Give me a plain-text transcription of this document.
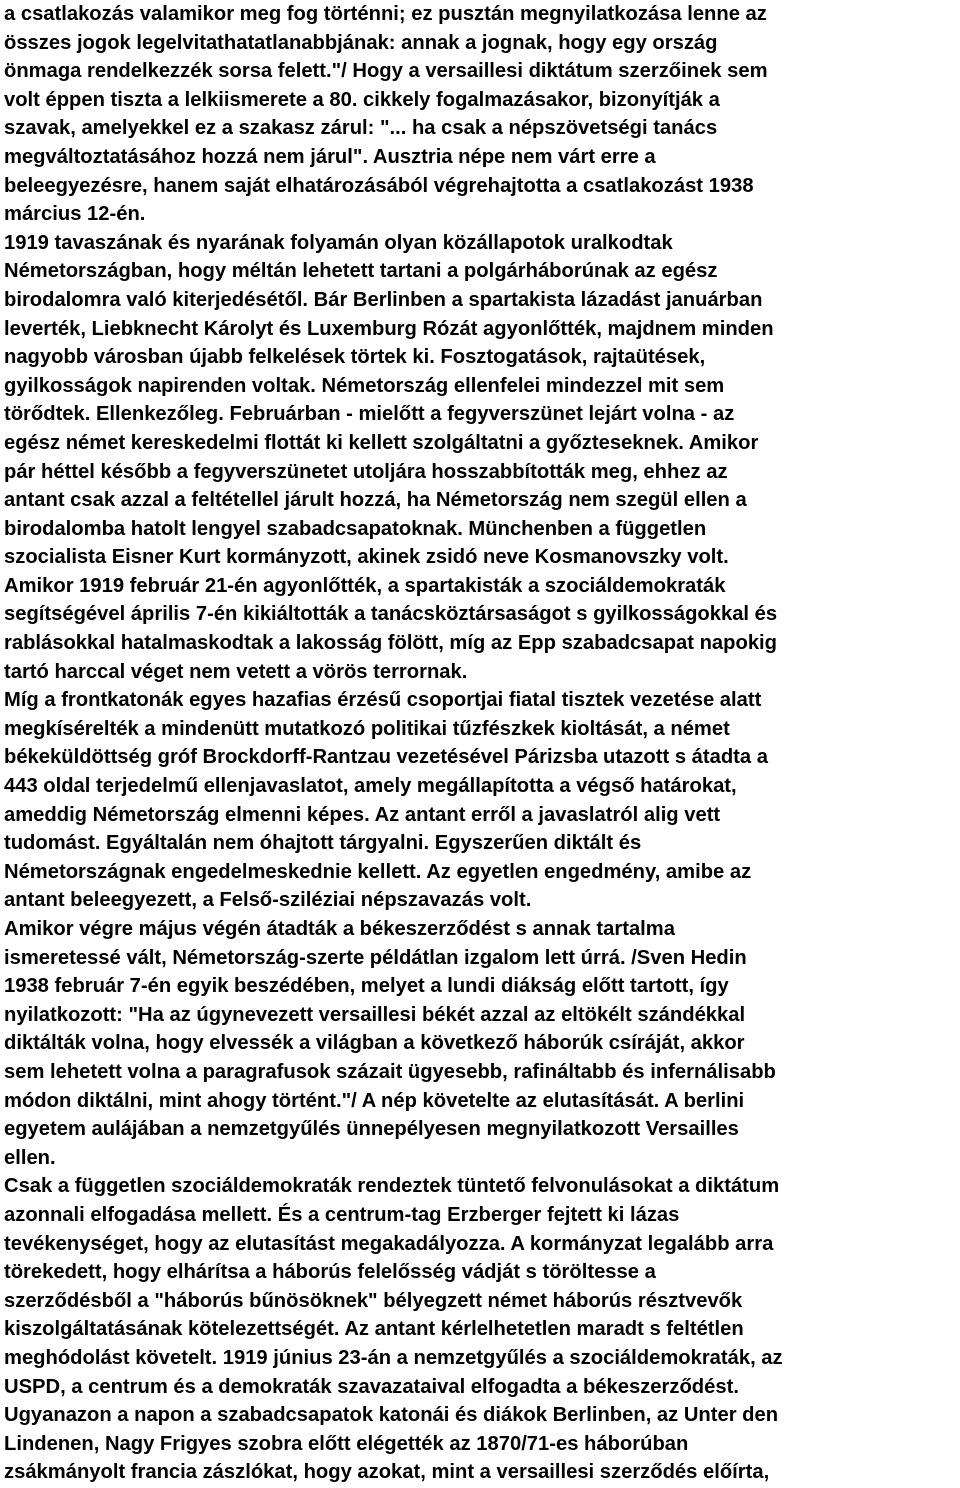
a csatlakozás valamikor meg fog történni; ez pusztán megnyilatkozása lenne az
összes jogok legelvitathatatlanabbjának: annak a jognak, hogy egy ország
önmaga rendelkezzék sorsa felett."/ Hogy a versaillesi diktátum szerzőinek sem
volt éppen tiszta a lelkiismerete a 80. cikkely fogalmazásakor, bizonyítják a
szavak, amelyekkel ez a szakasz zárul: "... ha csak a népszövetségi tanács
megváltoztatásához hozzá nem járul". Ausztria népe nem várt erre a
beleegyezésre, hanem saját elhatározásából végrehajtotta a csatlakozást 1938
március 12-én.
1919 tavaszának és nyarának folyamán olyan közállapotok uralkodtak
Németországban, hogy méltán lehetett tartani a polgárháborúnak az egész
birodalomra való kiterjedésétől. Bár Berlinben a spartakista lázadást januárban
leverték, Liebknecht Károlyt és Luxemburg Rózát agyonlőtték, majdnem minden
nagyobb városban újabb felkelések törtek ki. Fosztogatások, rajtaütések,
gyilkosságok napirenden voltak. Németország ellenfelei mindezzel mit sem
törődtek. Ellenkezőleg. Februárban - mielőtt a fegyverszünet lejárt volna - az
egész német kereskedelmi flottát ki kellett szolgáltatni a győzteseknek. Amikor
pár héttel később a fegyverszünetet utoljára hosszabbították meg, ehhez az
antant csak azzal a feltétellel járult hozzá, ha Németország nem szegül ellen a
birodalomba hatolt lengyel szabadcsapatoknak. Münchenben a független
szocialista Eisner Kurt kormányzott, akinek zsidó neve Kosmanovszky volt.
Amikor 1919 február 21-én agyonlőtték, a spartakisták a szociáldemokraták
segítségével április 7-én kikiáltották a tanácsköztársaságot s gyilkosságokkal és
rablásokkal hatalmaskodtak a lakosság fölött, míg az Epp szabadcsapat napokig
tartó harccal véget nem vetett a vörös terrornak.
Míg a frontkatonák egyes hazafias érzésű csoportjai fiatal tisztek vezetése alatt
megkísérelték a mindenütt mutatkozó politikai tűzfészkek kioltását, a német
békeküldöttség gróf Brockdorff-Rantzau vezetésével Párizsba utazott s átadta a
443 oldal terjedelmű ellenjavaslatot, amely megállapította a végső határokat,
ameddig Németország elmenni képes. Az antant erről a javaslatról alig vett
tudomást. Egyáltalán nem óhajtott tárgyalni. Egyszerűen diktált és
Németországnak engedelmeskednie kellett. Az egyetlen engedmény, amibe az
antant beleegyezett, a Felső-sziléziai népszavazás volt.
Amikor végre május végén átadták a békeszerződést s annak tartalma
ismeretessé vált, Németország-szerte példátlan izgalom lett úrrá. /Sven Hedin
1938 február 7-én egyik beszédében, melyet a lundi diákság előtt tartott, így
nyilatkozott: "Ha az úgynevezett versaillesi békét azzal az eltökélt szándékkal
diktálták volna, hogy elvessék a világban a következő háborúk csíráját, akkor
sem lehetett volna a paragrafusok százait ügyesebb, rafináltabb és infernálisabb
módon diktálni, mint ahogy történt."/ A nép követelte az elutasítását. A berlini
egyetem aulájában a nemzetgyűlés ünnepélyesen megnyilatkozott Versailles
ellen.
Csak a független szociáldemokraták rendeztek tüntető felvonulásokat a diktátum
azonnali elfogadása mellett. És a centrum-tag Erzberger fejtett ki lázas
tevékenységet, hogy az elutasítást megakadályozza. A kormányzat legalább arra
törekedett, hogy elhárítsa a háborús felelősség vádját s töröltesse a
szerződésből a "háborús bűnösöknek" bélyegzett német háborús résztvevők
kiszolgáltatásának kötelezettségét. Az antant kérlelhetetlen maradt s feltétlen
meghódolást követelt. 1919 június 23-án a nemzetgyűlés a szociáldemokraták, az
USPD, a centrum és a demokraták szavazataival elfogadta a békeszerződést.
Ugyanazon a napon a szabadcsapatok katonái és diákok Berlinben, az Unter den
Lindenen, Nagy Frigyes szobra előtt elégették az 1870/71-es háborúban
zsákmányolt francia zászlókat, hogy azokat, mint a versaillesi szerződés előírta,
